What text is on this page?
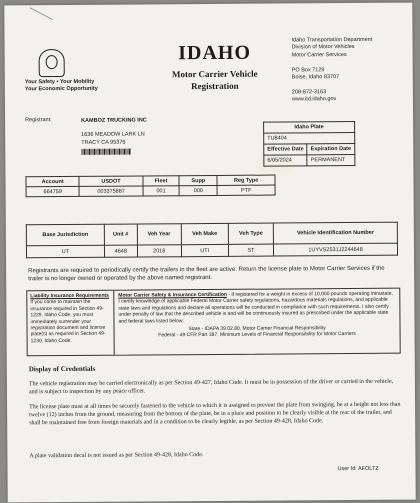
Your Safety • Your Mobility
Your Economic Opportunity
IDAHO
Motor Carrier Vehicle
Registration
Idaho Transportation Department
Division of Motor Vehicles
Motor Carrier Services

PO Box 7129
Boise, Idaho 83707

208-872-3163
www.itd.idaho.gov
Registrant:	KAMBOZ TRUCKING INC
1636 MEADOW LARK LN
TRACY CA 95376
Idaho Plate	
TU8404	
Effective Date	Expiration Date
6/05/2024	PERMANENT
Account	USDOT	Fleet	Supp	Reg Type
664759	003375887	001	000	PTF
Base Jurisdiction	Unit #	Veh Year	Veh Make	Veh Type	Vehicle Identification Number
UT	4648	2018	UTI	ST	1UYVS2531J2244648
Registrants are required to periodically certify the trailers in the fleet are active. Return the license plate to Motor Carrier Services if the trailer is no longer owned or operated by the above named registrant.
Liability Insurance Requirements
If you come to maintain the insurance required in Section 49-1229, Idaho Code, you must immediately surrender your registration document and license plate(s) as required in Section 49-1230, Idaho Code.
Motor Carrier Safety & Insurance Certification - If registered for a weight in excess of 10,000 pounds operating intrastate, I certify knowledge of applicable Federal Motor Carrier safety regulations, hazardous materials regulations, and applicable state laws and regulations and declare all operations will be conducted in compliance with such requirements. I also certify under penalty of law that the described vehicle is and will be continuously insured as prescribed under the applicable state and federal laws listed below:
State - IDAPA 39.02.80, Motor Carrier Financial Responsibility
Federal - 49 CFR Part 387, Minimum Levels of Financial Responsibility for Motor Carriers
Display of Credentials
The vehicle registration may be carried electronically as per Section 49-427, Idaho Code. It must be in possession of the driver or carried in the vehicle, and is subject to inspection by any peace officer.
The license plate must at all times be securely fastened to the vehicle to which it is assigned to prevent the plate from swinging, be at a height not less than twelve (12) inches from the ground, measuring from the bottom of the plate, be in a place and position to be clearly visible at the rear of the trailer, and shall be maintained free from foreign materials and in a condition to be clearly legible, as per Section 49-428, Idaho Code.
A plate validation decal is not issued as per Section 49-428, Idaho Code.
User Id: AFOLTZ
